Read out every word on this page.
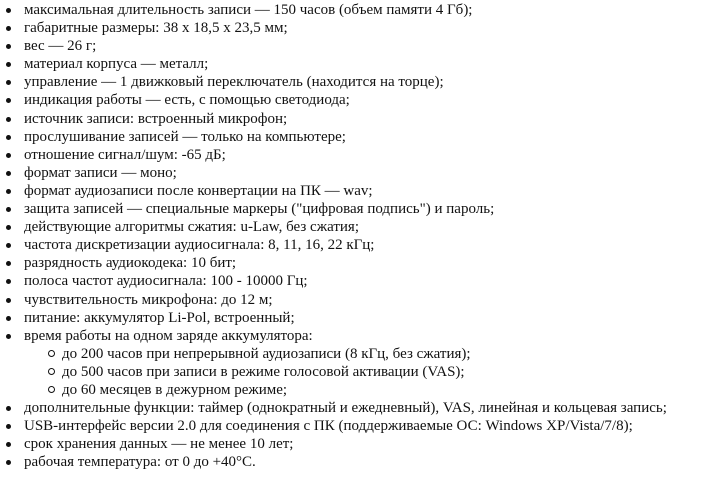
максимальная длительность записи — 150 часов (объем памяти 4 Гб);
габаритные размеры: 38 х 18,5 х 23,5 мм;
вес — 26 г;
материал корпуса — металл;
управление — 1 движковый переключатель (находится на торце);
индикация работы — есть, с помощью светодиода;
источник записи: встроенный микрофон;
прослушивание записей — только на компьютере;
отношение сигнал/шум: -65 дБ;
формат записи — моно;
формат аудиозаписи после конвертации на ПК — wav;
защита записей — специальные маркеры ("цифровая подпись") и пароль;
действующие алгоритмы сжатия: u-Law, без сжатия;
частота дискретизации аудиосигнала: 8, 11, 16, 22 кГц;
разрядность аудиокодека: 10 бит;
полоса частот аудиосигнала: 100 - 10000 Гц;
чувствительность микрофона: до 12 м;
питание: аккумулятор Li-Pol, встроенный;
время работы на одном заряде аккумулятора:
до 200 часов при непрерывной аудиозаписи (8 кГц, без сжатия);
до 500 часов при записи в режиме голосовой активации (VAS);
до 60 месяцев в дежурном режиме;
дополнительные функции: таймер (однократный и ежедневный), VAS, линейная и кольцевая запись;
USB-интерфейс версии 2.0 для соединения с ПК (поддерживаемые ОС: Windows XP/Vista/7/8);
срок хранения данных — не менее 10 лет;
рабочая температура: от 0 до +40°C.
